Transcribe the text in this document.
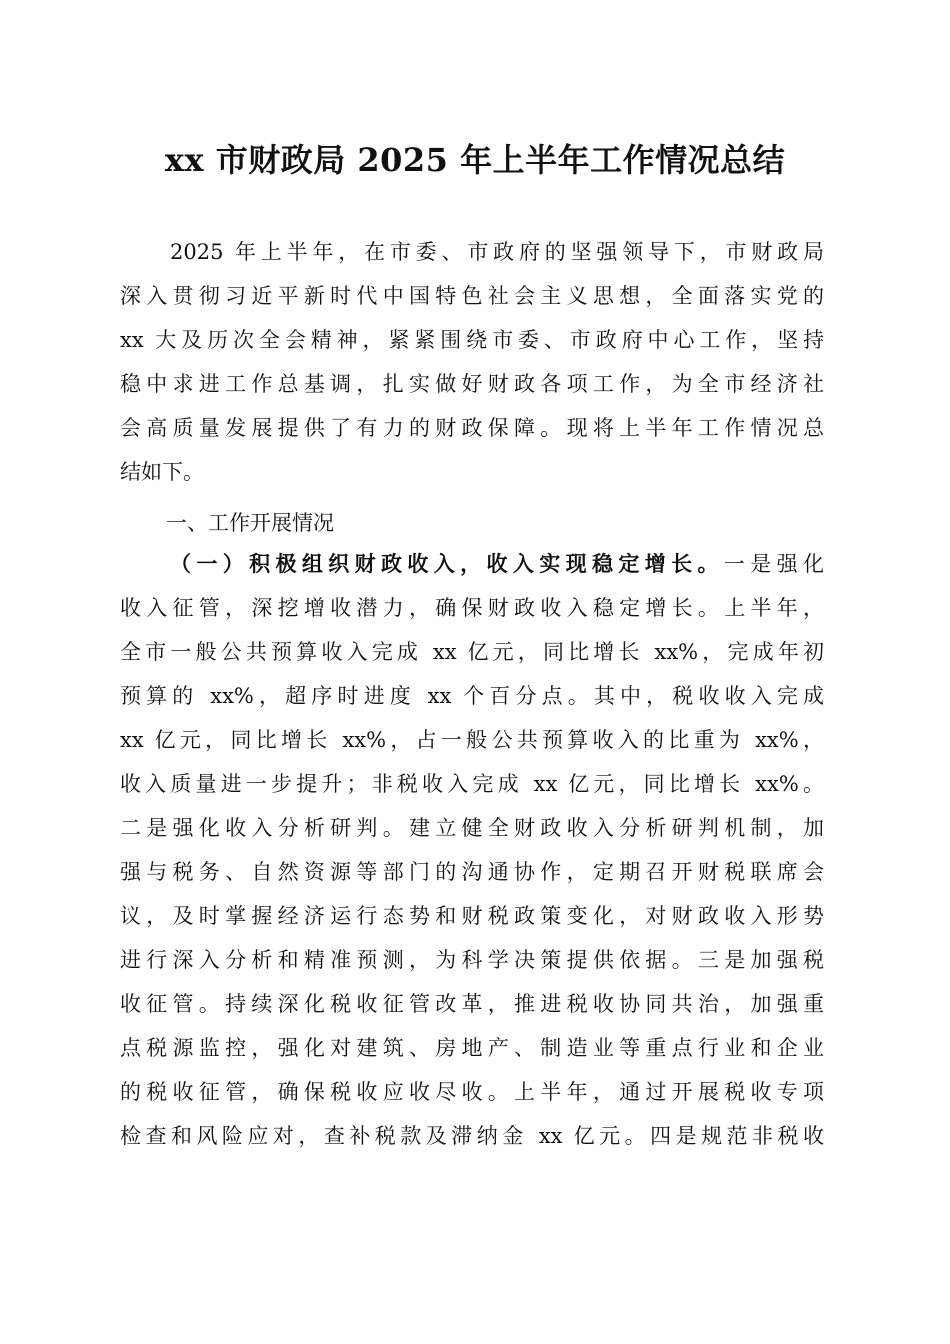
xx 市财政局 2025 年上半年工作情况总结
2025 年上半年，在市委、市政府的坚强领导下，市财政局
深入贯彻习近平新时代中国特色社会主义思想，全面落实党的
xx 大及历次全会精神，紧紧围绕市委、市政府中心工作，坚持
稳中求进工作总基调，扎实做好财政各项工作，为全市经济社
会高质量发展提供了有力的财政保障。现将上半年工作情况总
结如下。
一、工作开展情况
（一）积极组织财政收入，收入实现稳定增长。一是强化
收入征管，深挖增收潜力，确保财政收入稳定增长。上半年，
全市一般公共预算收入完成 xx 亿元，同比增长 xx%，完成年初
预算的 xx%，超序时进度 xx 个百分点。其中，税收收入完成
xx 亿元，同比增长 xx%，占一般公共预算收入的比重为 xx%，
收入质量进一步提升；非税收入完成 xx 亿元，同比增长 xx%。
二是强化收入分析研判。建立健全财政收入分析研判机制，加
强与税务、自然资源等部门的沟通协作，定期召开财税联席会
议，及时掌握经济运行态势和财税政策变化，对财政收入形势
进行深入分析和精准预测，为科学决策提供依据。三是加强税
收征管。持续深化税收征管改革，推进税收协同共治，加强重
点税源监控，强化对建筑、房地产、制造业等重点行业和企业
的税收征管，确保税收应收尽收。上半年，通过开展税收专项
检查和风险应对，查补税款及滞纳金 xx 亿元。四是规范非税收
